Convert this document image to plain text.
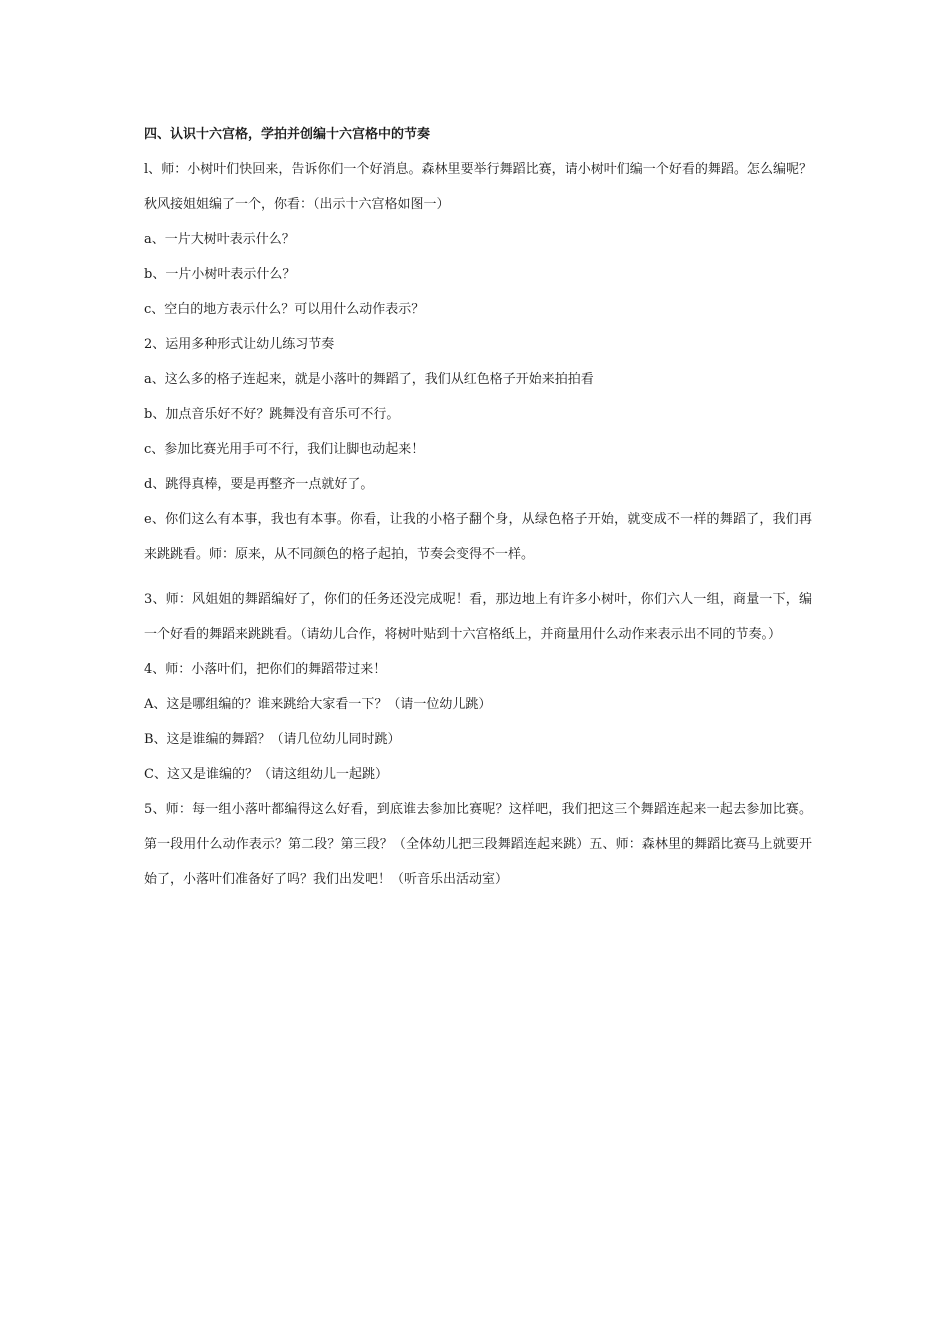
四、认识十六宫格，学拍并创编十六宫格中的节奏

l、师：小树叶们快回来，告诉你们一个好消息。森林里要举行舞蹈比赛，请小树叶们编一个好看的舞蹈。怎么编呢？秋风接姐姐编了一个，你看：（出示十六宫格如图一）

a、一片大树叶表示什么？

b、一片小树叶表示什么？

c、空白的地方表示什么？可以用什么动作表示？

2、运用多种形式让幼儿练习节奏

a、这么多的格子连起来，就是小落叶的舞蹈了，我们从红色格子开始来拍拍看

b、加点音乐好不好？跳舞没有音乐可不行。

c、参加比赛光用手可不行，我们让脚也动起来！

d、跳得真棒，要是再整齐一点就好了。

e、你们这么有本事，我也有本事。你看，让我的小格子翻个身，从绿色格子开始，就变成不一样的舞蹈了，我们再来跳跳看。师：原来，从不同颜色的格子起拍，节奏会变得不一样。

3、师：风姐姐的舞蹈编好了，你们的任务还没完成呢！看，那边地上有许多小树叶，你们六人一组，商量一下，编一个好看的舞蹈来跳跳看。（请幼儿合作，将树叶贴到十六宫格纸上，并商量用什么动作来表示出不同的节奏。）

4、师：小落叶们，把你们的舞蹈带过来！

A、这是哪组编的？谁来跳给大家看一下？（请一位幼儿跳）

B、这是谁编的舞蹈？（请几位幼儿同时跳）

C、这又是谁编的？（请这组幼儿一起跳）

5、师：每一组小落叶都编得这么好看，到底谁去参加比赛呢？这样吧，我们把这三个舞蹈连起来一起去参加比赛。第一段用什么动作表示？第二段？第三段？（全体幼儿把三段舞蹈连起来跳）五、师：森林里的舞蹈比赛马上就要开始了，小落叶们准备好了吗？我们出发吧！（听音乐出活动室）
